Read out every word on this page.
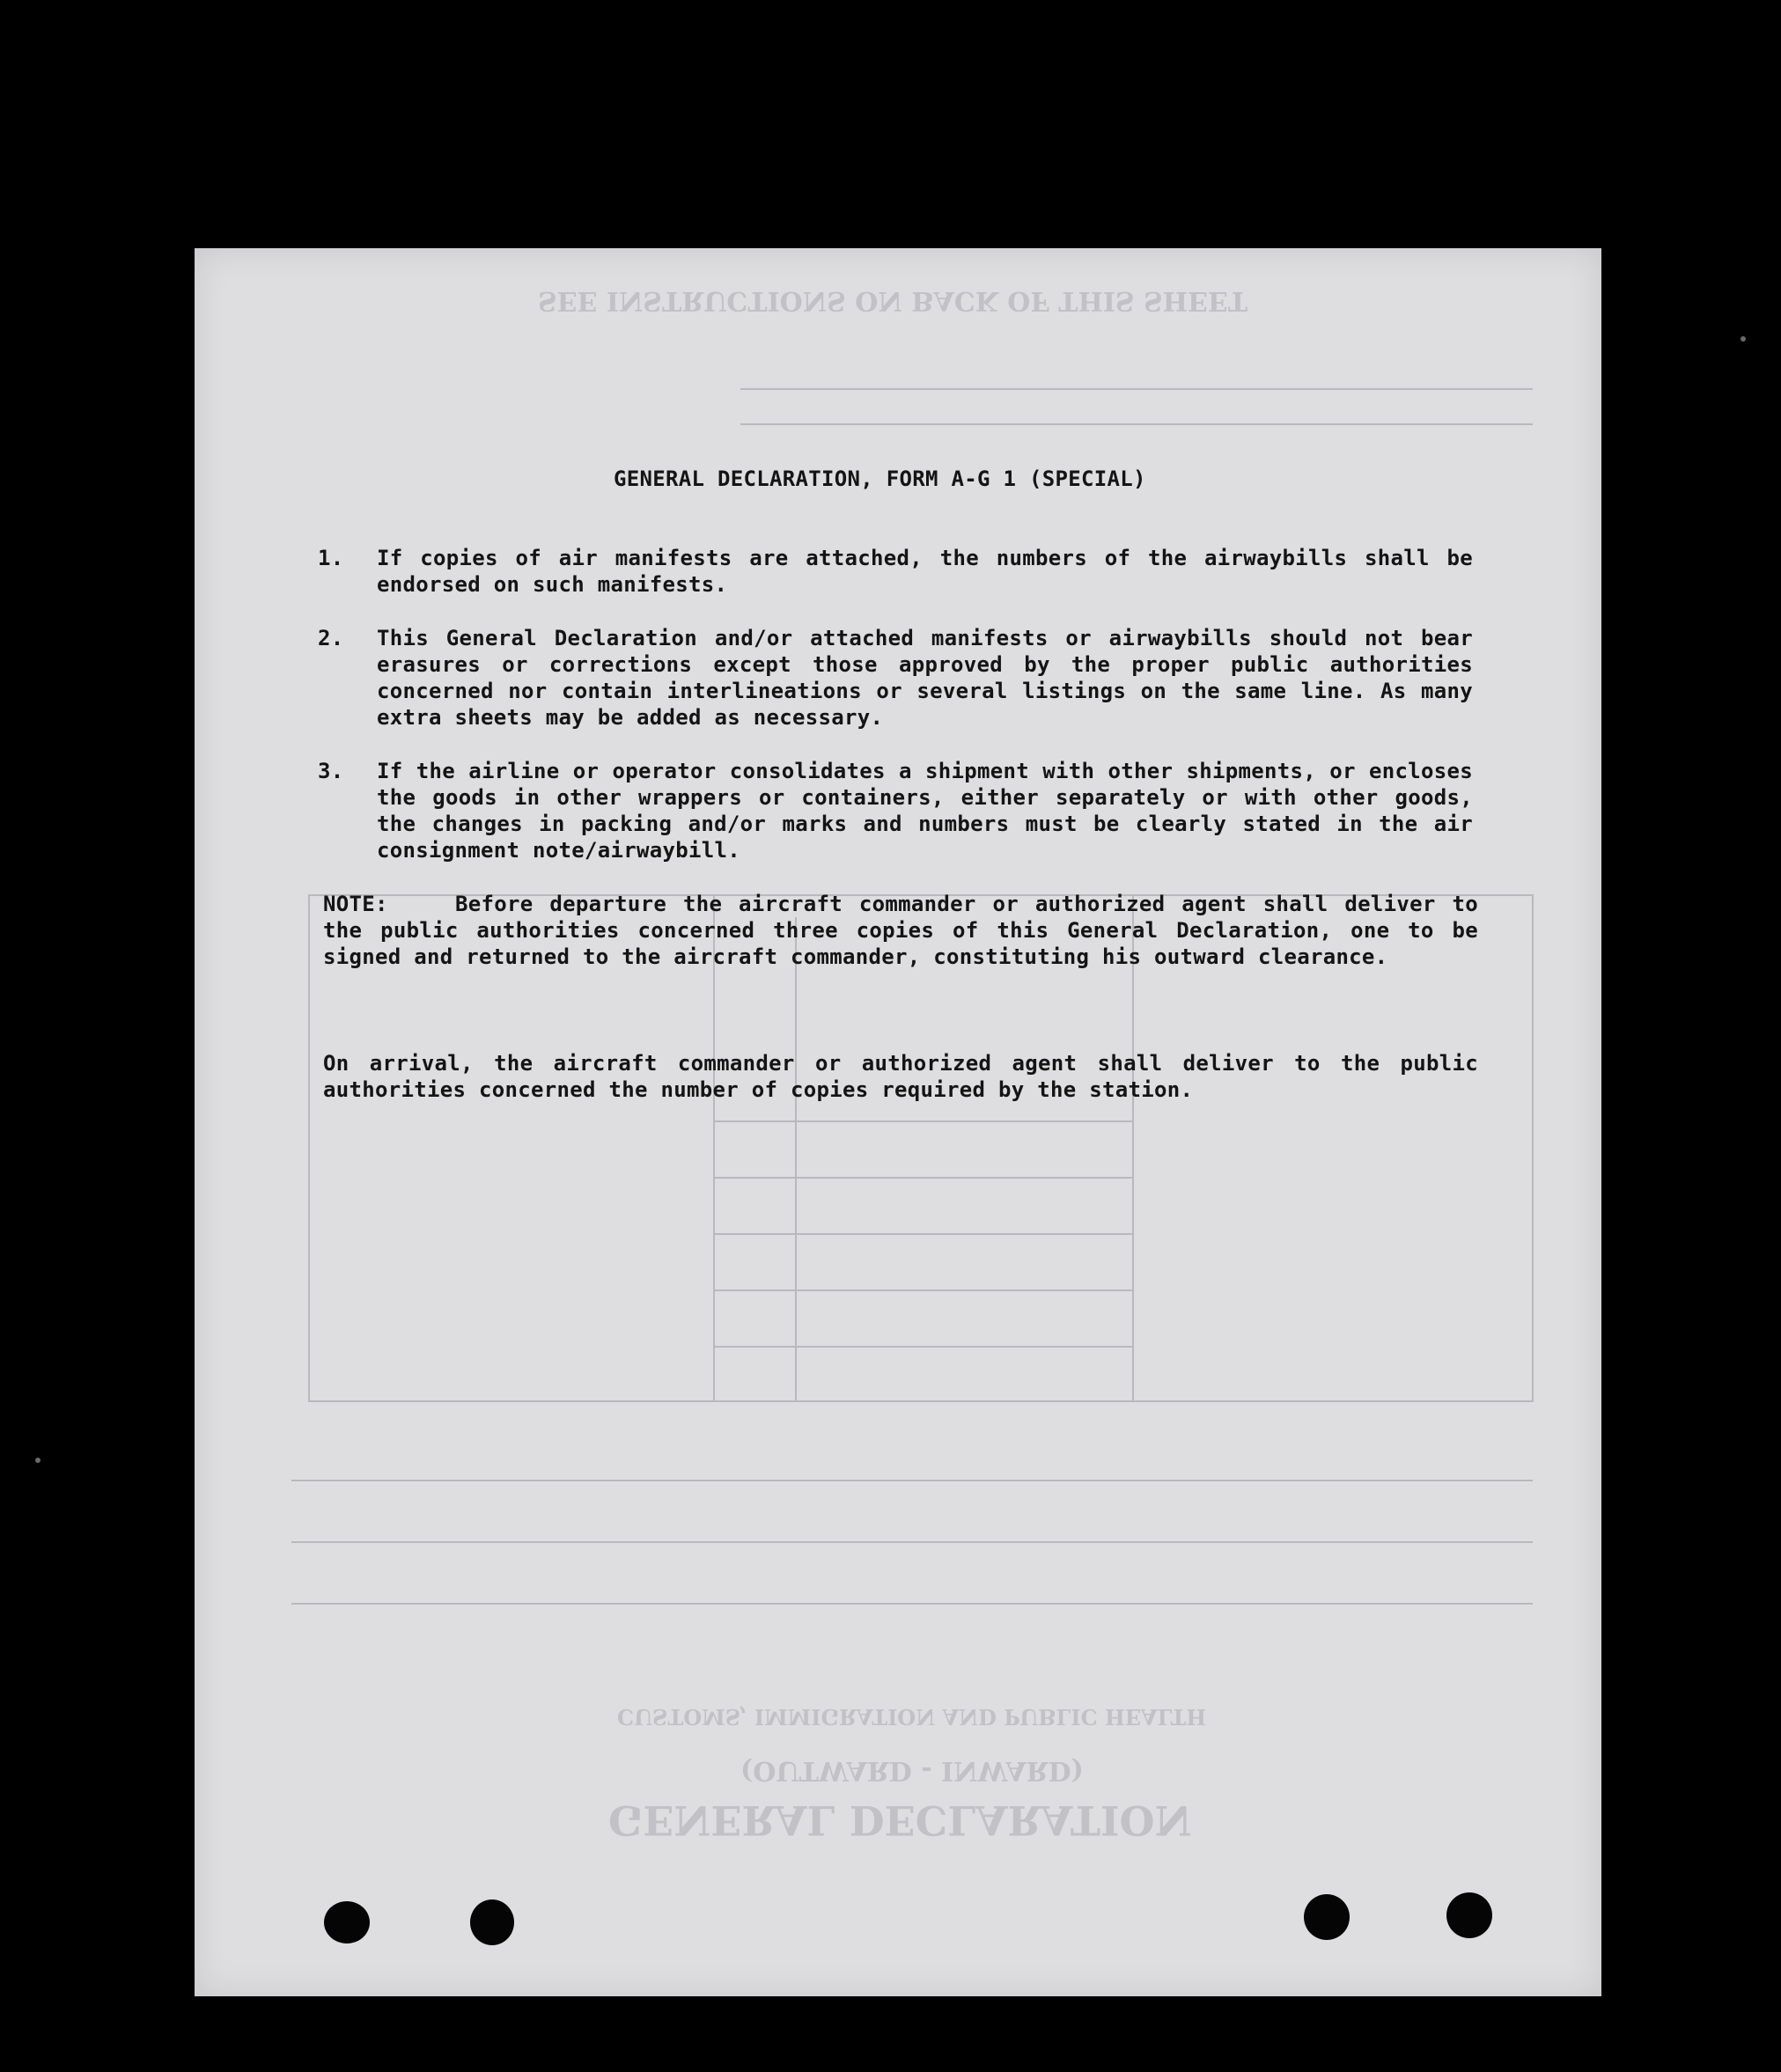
SEE INSTRUCTIONS ON BACK OF THIS SHEET
GENERAL DECLARATION
(OUTWARD - INWARD)
CUSTOMS, IMMIGRATION AND PUBLIC HEALTH
GENERAL DECLARATION, FORM A-G 1 (SPECIAL)
1.	If copies of air manifests are attached, the numbers of the airwaybills shall be endorsed on such manifests.
2.	This General Declaration and/or attached manifests or airwaybills should not bear erasures or corrections except those approved by the proper public authorities concerned nor contain interlineations or several listings on the same line. As many extra sheets may be added as necessary.
3.	If the airline or operator consolidates a shipment with other shipments, or encloses the goods in other wrappers or containers, either separately or with other goods, the changes in packing and/or marks and numbers must be clearly stated in the air consignment note/airwaybill.
NOTE:	Before departure the aircraft commander or authorized agent shall deliver to the public authorities concerned three copies of this General Declaration, one to be signed and returned to the aircraft commander, constituting his outward clearance.
On arrival, the aircraft commander or authorized agent shall deliver to the public authorities concerned the number of copies required by the station.
